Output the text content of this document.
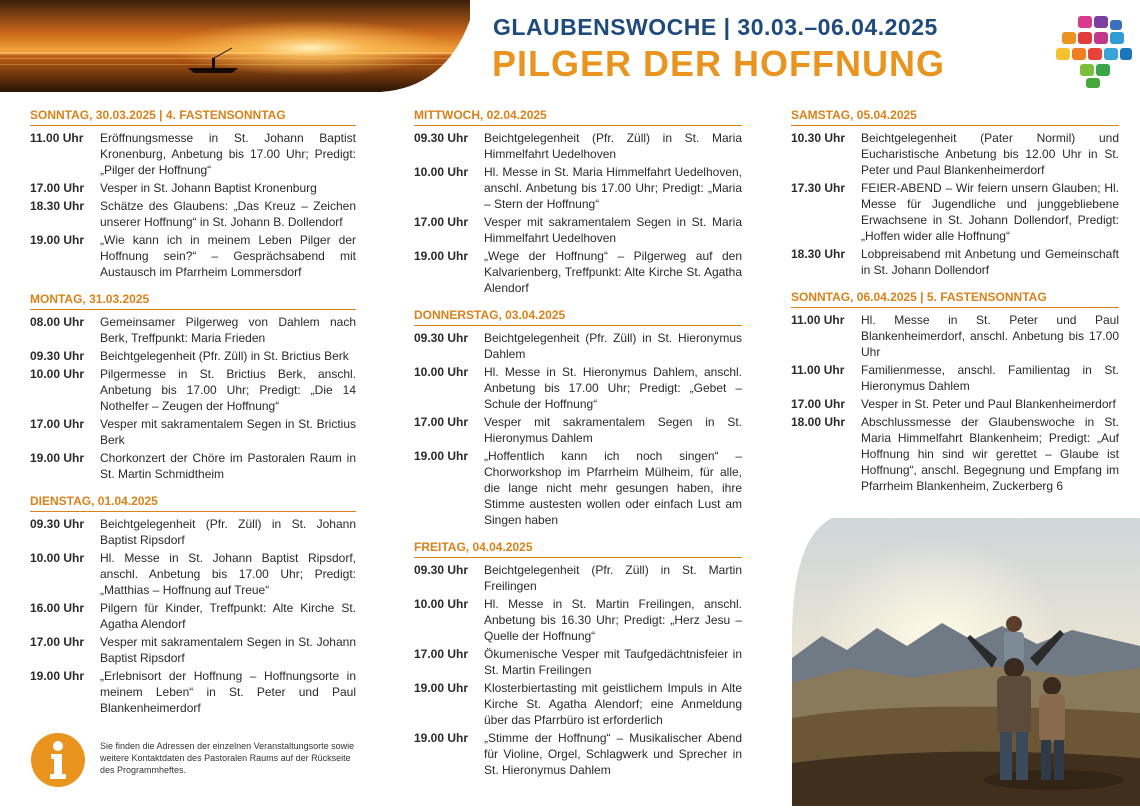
GLAUBENSWOCHE | 30.03.–06.04.2025
PILGER DER HOFFNUNG
SONNTAG, 30.03.2025 | 4. FASTENSONNTAG
11.00 Uhr	Eröffnungsmesse in St. Johann Baptist Kronenburg, Anbetung bis 17.00 Uhr; Predigt: „Pilger der Hoffnung“
17.00 Uhr	Vesper in St. Johann Baptist Kronenburg
18.30 Uhr	Schätze des Glaubens: „Das Kreuz – Zeichen unserer Hoffnung“ in St. Johann B. Dollendorf
19.00 Uhr	„Wie kann ich in meinem Leben Pilger der Hoffnung sein?“ – Gesprächsabend mit Austausch im Pfarrheim Lommersdorf
MONTAG, 31.03.2025
08.00 Uhr	Gemeinsamer Pilgerweg von Dahlem nach Berk, Treffpunkt: Maria Frieden
09.30 Uhr	Beichtgelegenheit (Pfr. Züll) in St. Brictius Berk
10.00 Uhr	Pilgermesse in St. Brictius Berk, anschl. Anbetung bis 17.00 Uhr; Predigt: „Die 14 Nothelfer – Zeugen der Hoffnung“
17.00 Uhr	Vesper mit sakramentalem Segen in St. Brictius Berk
19.00 Uhr	Chorkonzert der Chöre im Pastoralen Raum in St. Martin Schmidtheim
DIENSTAG, 01.04.2025
09.30 Uhr	Beichtgelegenheit (Pfr. Züll) in St. Johann Baptist Ripsdorf
10.00 Uhr	Hl. Messe in St. Johann Baptist Ripsdorf, anschl. Anbetung bis 17.00 Uhr; Predigt: „Matthias – Hoffnung auf Treue“
16.00 Uhr	Pilgern für Kinder, Treffpunkt: Alte Kirche St. Agatha Alendorf
17.00 Uhr	Vesper mit sakramentalem Segen in St. Johann Baptist Ripsdorf
19.00 Uhr	„Erlebnisort der Hoffnung – Hoffnungsorte in meinem Leben“ in St. Peter und Paul Blankenheimerdorf
MITTWOCH, 02.04.2025
09.30 Uhr	Beichtgelegenheit (Pfr. Züll) in St. Maria Himmelfahrt Uedelhoven
10.00 Uhr	Hl. Messe in St. Maria Himmelfahrt Uedelhoven, anschl. Anbetung bis 17.00 Uhr; Predigt: „Maria – Stern der Hoffnung“
17.00 Uhr	Vesper mit sakramentalem Segen in St. Maria Himmelfahrt Uedelhoven
19.00 Uhr	„Wege der Hoffnung“ – Pilgerweg auf den Kalvarienberg, Treffpunkt: Alte Kirche St. Agatha Alendorf
DONNERSTAG, 03.04.2025
09.30 Uhr	Beichtgelegenheit (Pfr. Züll) in St. Hieronymus Dahlem
10.00 Uhr	Hl. Messe in St. Hieronymus Dahlem, anschl. Anbetung bis 17.00 Uhr; Predigt: „Gebet – Schule der Hoffnung“
17.00 Uhr	Vesper mit sakramentalem Segen in St. Hieronymus Dahlem
19.00 Uhr	„Hoffentlich kann ich noch singen“ – Chorworkshop im Pfarrheim Mülheim, für alle, die lange nicht mehr gesungen haben, ihre Stimme austesten wollen oder einfach Lust am Singen haben
FREITAG, 04.04.2025
09.30 Uhr	Beichtgelegenheit (Pfr. Züll) in St. Martin Freilingen
10.00 Uhr	Hl. Messe in St. Martin Freilingen, anschl. Anbetung bis 16.30 Uhr; Predigt: „Herz Jesu – Quelle der Hoffnung“
17.00 Uhr	Ökumenische Vesper mit Taufgedächtnisfeier in St. Martin Freilingen
19.00 Uhr	Klosterbiertasting mit geistlichem Impuls in Alte Kirche St. Agatha Alendorf; eine Anmeldung über das Pfarrbüro ist erforderlich
19.00 Uhr	„Stimme der Hoffnung“ – Musikalischer Abend für Violine, Orgel, Schlagwerk und Sprecher in St. Hieronymus Dahlem
SAMSTAG, 05.04.2025
10.30 Uhr	Beichtgelegenheit (Pater Normil) und Eucharistische Anbetung bis 12.00 Uhr in St. Peter und Paul Blankenheimerdorf
17.30 Uhr	FEIER-ABEND – Wir feiern unsern Glauben; Hl. Messe für Jugendliche und junggebliebene Erwachsene in St. Johann Dollendorf, Predigt: „Hoffen wider alle Hoffnung“
18.30 Uhr	Lobpreisabend mit Anbetung und Gemeinschaft in St. Johann Dollendorf
SONNTAG, 06.04.2025 | 5. FASTENSONNTAG
11.00 Uhr	Hl. Messe in St. Peter und Paul Blankenheimerdorf, anschl. Anbetung bis 17.00 Uhr
11.00 Uhr	Familienmesse, anschl. Familientag in St. Hieronymus Dahlem
17.00 Uhr	Vesper in St. Peter und Paul Blankenheimerdorf
18.00 Uhr	Abschlussmesse der Glaubenswoche in St. Maria Himmelfahrt Blankenheim; Predigt: „Auf Hoffnung hin sind wir gerettet – Glaube ist Hoffnung“, anschl. Begegnung und Empfang im Pfarrheim Blankenheim, Zuckerberg 6
Sie finden die Adressen der einzelnen Veranstaltungsorte sowie weitere Kontaktdaten des Pastoralen Raums auf der Rückseite des Programmheftes.
